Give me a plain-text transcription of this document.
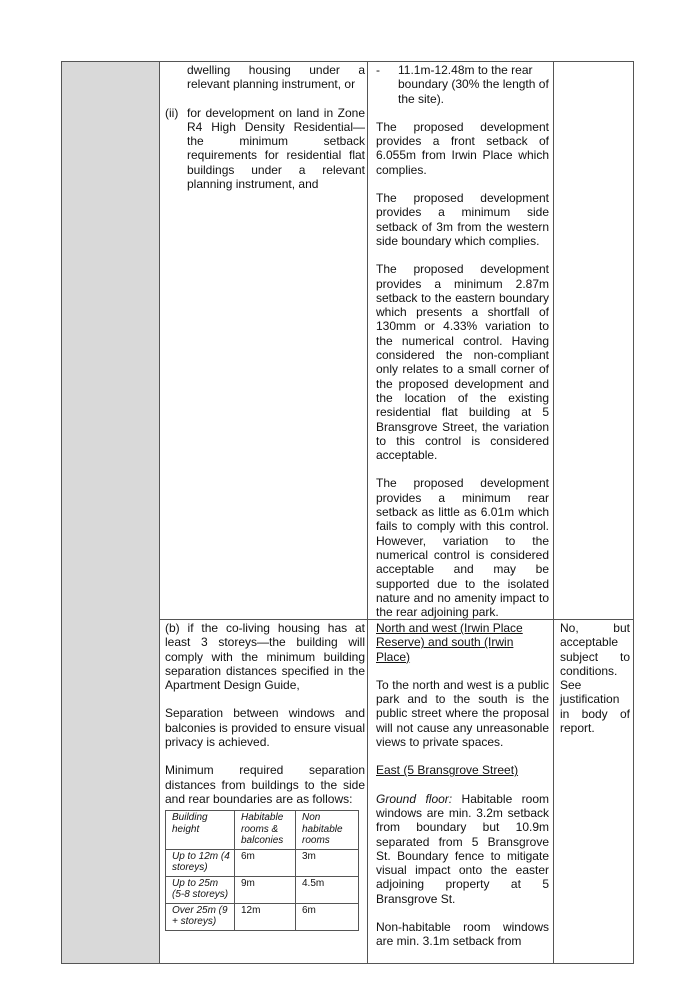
dwelling housing under a relevant planning instrument, or
(ii) for development on land in Zone R4 High Density Residential— the minimum setback requirements for residential flat buildings under a relevant planning instrument, and
-	11.1m-12.48m to the rear boundary (30% the length of the site).

The proposed development provides a front setback of 6.055m from Irwin Place which complies.

The proposed development provides a minimum side setback of 3m from the western side boundary which complies.

The proposed development provides a minimum 2.87m setback to the eastern boundary which presents a shortfall of 130mm or 4.33% variation to the numerical control. Having considered the non-compliant only relates to a small corner of the proposed development and the location of the existing residential flat building at 5 Bransgrove Street, the variation to this control is considered acceptable.

The proposed development provides a minimum rear setback as little as 6.01m which fails to comply with this control. However, variation to the numerical control is considered acceptable and may be supported due to the isolated nature and no amenity impact to the rear adjoining park.

(b) if the co-living housing has at least 3 storeys—the building will comply with the minimum building separation distances specified in the Apartment Design Guide,

Separation between windows and balconies is provided to ensure visual privacy is achieved.

Minimum required separation distances from buildings to the side and rear boundaries are as follows:

Building height	Habitable rooms & balconies	Non habitable rooms
Up to 12m (4 storeys)	6m	3m
Up to 25m (5-8 storeys)	9m	4.5m
Over 25m (9 + storeys)	12m	6m

North and west (Irwin Place Reserve) and south (Irwin Place)

To the north and west is a public park and to the south is the public street where the proposal will not cause any unreasonable views to private spaces.

East (5 Bransgrove Street)

Ground floor: Habitable room windows are min. 3.2m setback from boundary but 10.9m separated from 5 Bransgrove St. Boundary fence to mitigate visual impact onto the easter adjoining property at 5 Bransgrove St.

Non-habitable room windows are min. 3.1m setback from

No, but acceptable subject to conditions. See justification in body of report.
